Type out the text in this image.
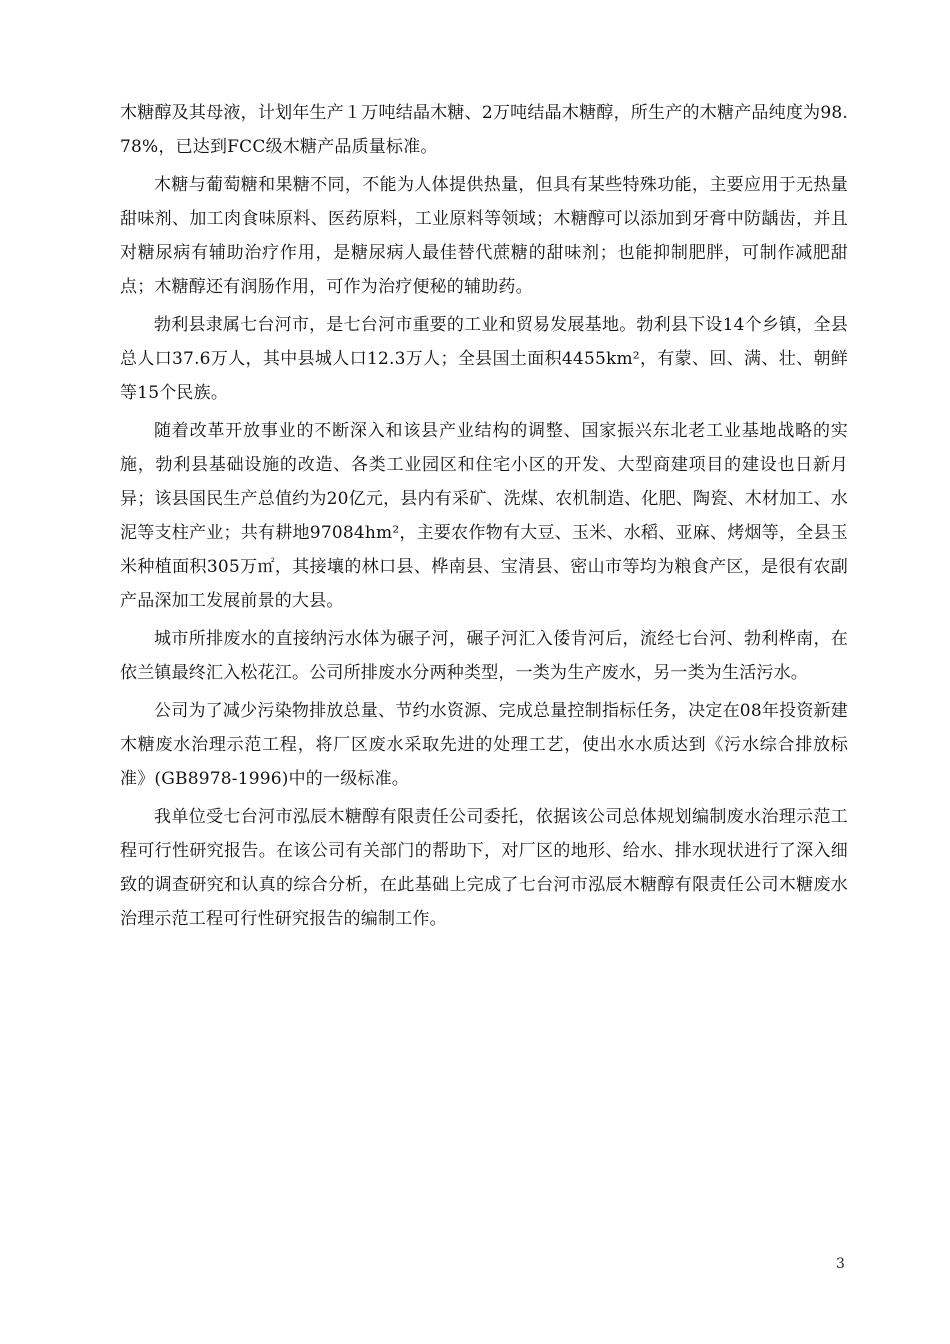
木糖醇及其母液，计划年生产１万吨结晶木糖、2万吨结晶木糖醇，所生产的木糖产品纯度为98.78%，已达到FCC级木糖产品质量标准。

木糖与葡萄糖和果糖不同，不能为人体提供热量，但具有某些特殊功能，主要应用于无热量甜味剂、加工肉食味原料、医药原料，工业原料等领域；木糖醇可以添加到牙膏中防龋齿，并且对糖尿病有辅助治疗作用，是糖尿病人最佳替代蔗糖的甜味剂；也能抑制肥胖，可制作减肥甜点；木糖醇还有润肠作用，可作为治疗便秘的辅助药。

勃利县隶属七台河市，是七台河市重要的工业和贸易发展基地。勃利县下设14个乡镇，全县总人口37.6万人，其中县城人口12.3万人；全县国土面积4455km²，有蒙、回、满、壮、朝鲜等15个民族。

随着改革开放事业的不断深入和该县产业结构的调整、国家振兴东北老工业基地战略的实施，勃利县基础设施的改造、各类工业园区和住宅小区的开发、大型商建项目的建设也日新月异；该县国民生产总值约为20亿元，县内有采矿、洗煤、农机制造、化肥、陶瓷、木材加工、水泥等支柱产业；共有耕地97084hm²，主要农作物有大豆、玉米、水稻、亚麻、烤烟等，全县玉米种植面积305万㎡，其接壤的林口县、桦南县、宝清县、密山市等均为粮食产区，是很有农副产品深加工发展前景的大县。

城市所排废水的直接纳污水体为碾子河，碾子河汇入倭肯河后，流经七台河、勃利桦南，在依兰镇最终汇入松花江。公司所排废水分两种类型，一类为生产废水，另一类为生活污水。

公司为了减少污染物排放总量、节约水资源、完成总量控制指标任务，决定在08年投资新建木糖废水治理示范工程，将厂区废水采取先进的处理工艺，使出水水质达到《污水综合排放标准》(GB8978-1996)中的一级标准。

我单位受七台河市泓辰木糖醇有限责任公司委托，依据该公司总体规划编制废水治理示范工程可行性研究报告。在该公司有关部门的帮助下，对厂区的地形、给水、排水现状进行了深入细致的调查研究和认真的综合分析，在此基础上完成了七台河市泓辰木糖醇有限责任公司木糖废水治理示范工程可行性研究报告的编制工作。

3
